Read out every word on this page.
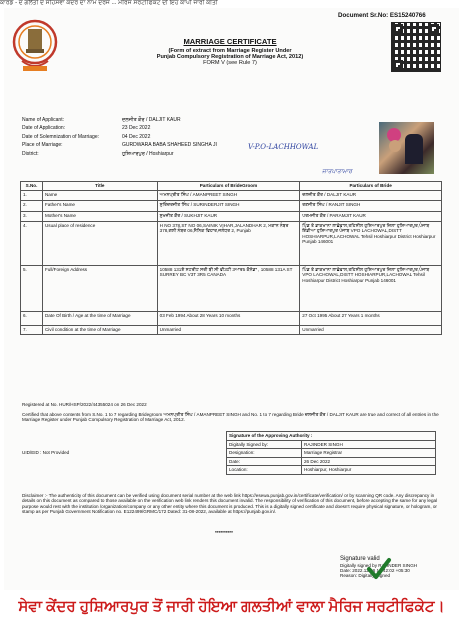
ਕਾਰਡ - ਦੇ ਗਲਤੀ ਦੇ ਸਹਿਸੇਵਾ ਕੇਂਦਰ ਦਾ ਨਾਮ ਦਰਜ ... ਮੈਰਿਜ ਸਰਟੀਫਿਕੇਟ ਦੀ ਇਹ ਕਾਪੀ ਜਾਰੀ ਕੀਤੀ
Document Sr.No: ES15240766
MARRIAGE CERTIFICATE
(Form of extract from Marriage Register Under
Punjab Compulsory Registration of Marriage Act, 2012)
FORM V (see Rule 7)
Name of Applicant:	ਦਲਜੀਤ ਕੌਰ / DALJIT KAUR
Date of Application:	23 Dec 2022
Date of Solemnization of Marriage:	04 Dec 2022
Place of Marriage:	GURDWARA BABA SHAHEED SINGHA JI
District:	ਹੁਸ਼ਿਆਰਪੁਰ / Hoshiarpur
V-P.O-LACHHOWAL
ਜਾਤਪਾਤਾਮਾਰ
S.No.	Title	Particulars of BrideGroom	Particulars of Bride
1.	Name	ਅਮਨਪ੍ਰੀਤ ਸਿੰਘ / AMANPREET SINGH	ਦਲਜੀਤ ਕੌਰ / DALJIT KAUR
2.	Father's Name	ਸੁਰਿੰਦਰਜੀਤ ਸਿੰਘ / SURINDERJIT SINGH	ਰਣਜੀਤ ਸਿੰਘ / RANJIT SINGH
3.	Mother's Name	ਸੁਖਜੀਤ ਕੌਰ / SUKHJIT KAUR	ਪਰਮਜੀਤ ਕੌਰ / PARAMJIT KAUR
4.	Usual place of residence	H NO 378,ST NO 06,SAINIK VIHAR,JALANDHAR 2, ਮਕਾਨ ਨੰਬਰ 378,ਗਲੀ ਨੰਬਰ 06,ਸੈਨਿਕ ਵਿਹਾਰ,ਜਲੰਧਰ 2, Punjab	ਪਿੰਡ ਤੇ ਡਾਕਖਾਨਾ ਲਾਛੋਵਾਲ,ਤਹਿਸੀਲ ਹੁਸ਼ਿਆਰਪੁਰ ਜ਼ਿਲਾ ਹੁਸ਼ਿਆਰਪੁਰ,ਪੰਜਾਬ ਇੰਡੀਆ ਹੁਸ਼ਿਆਰਪੁਰ ਪੰਜਾਬ VPO LACHOWAL,DISTT HOSHIARPUR,LACHOWAL Tehsil Hoshiarpur District Hoshiarpur Punjab 146001
5.	Full/Foreign Address	10588 131ਏ ਸਟਰੀਟ ਸਰੀ ਬੀ ਸੀ ਵੀ3ਟੀ 3ਆਰ5 ਕੈਨੇਡਾ , 10588 131A ST SURREY BC V3T 3R5 CANADA	ਪਿੰਡ ਤੇ ਡਾਕਖਾਨਾ ਲਾਛੋਵਾਲ,ਤਹਿਸੀਲ ਹੁਸ਼ਿਆਰਪੁਰ ਜ਼ਿਲਾ ਹੁਸ਼ਿਆਰਪੁਰ,ਪੰਜਾਬ VPO LACHOWAL,DISTT HOSHIARPUR,LACHOWAL Tehsil Hoshiarpur District Hoshiarpur Punjab 146001
6.	Date Of Birth / Age at the time of Marriage	03 Feb 1994 About 28 Years 10 months	27 Oct 1995 About 27 Years 1 months
7.	Civil condition at the time of Marriage	Unmarried	Unmarried
Registered at No. HUR/HSP/2022/44355024 on 26 Dec 2022
Certified that above contents from S.No. 1 to 7 regarding Bridegroom ਅਮਨਪ੍ਰੀਤ ਸਿੰਘ / AMANPREET SINGH and No. 1 to 7 regarding Bride ਦਲਜੀਤ ਕੌਰ / DALJIT KAUR are true and correct of all entries in the Marriage Register under Punjab Compulsory Registration of Marriage Act, 2012.
UID/EID : Not Provided
Signature of the Approving Authority :	
Digitally Signed by:	RAJINDER SINGH
Designation:	Marriage Registrar
Date:	26 Dec 2022
Location:	Hoshiarpur, Hoshiarpur
Disclaimer :- The authenticity of this document can be verified using document serial number at the web link https://esewa.punjab.gov.in/certificate/verification/ or by scanning QR code. Any discrepancy in details on this document as compared to those available on the verification web link renders this document invalid. The responsibility of verification of this document, before accepting the same for any legal purpose would rest with the institution /organization/company or any other entity where this document is produced. This is a digitally signed certificate and doesn't require physical signature, or hologram, or stamp as per Punjab Government Notification no. E122499/GRMC/172 Dated: 31-08-2022, available at https://punjab.gov.in/.
**********
Signature valid
Digitally signed by RAJINDER SINGH
Date: 2022.12.26 16:42:02 +05:30
Reason: Digitally Signed
ਸੇਵਾ ਕੇਂਦਰ ਹੁਸ਼ਿਆਰਪੁਰ ਤੋਂ ਜਾਰੀ ਹੋਇਆ ਗਲਤੀਆਂ ਵਾਲਾ ਮੈਰਿਜ ਸਰਟੀਫਿਕੇਟ।
